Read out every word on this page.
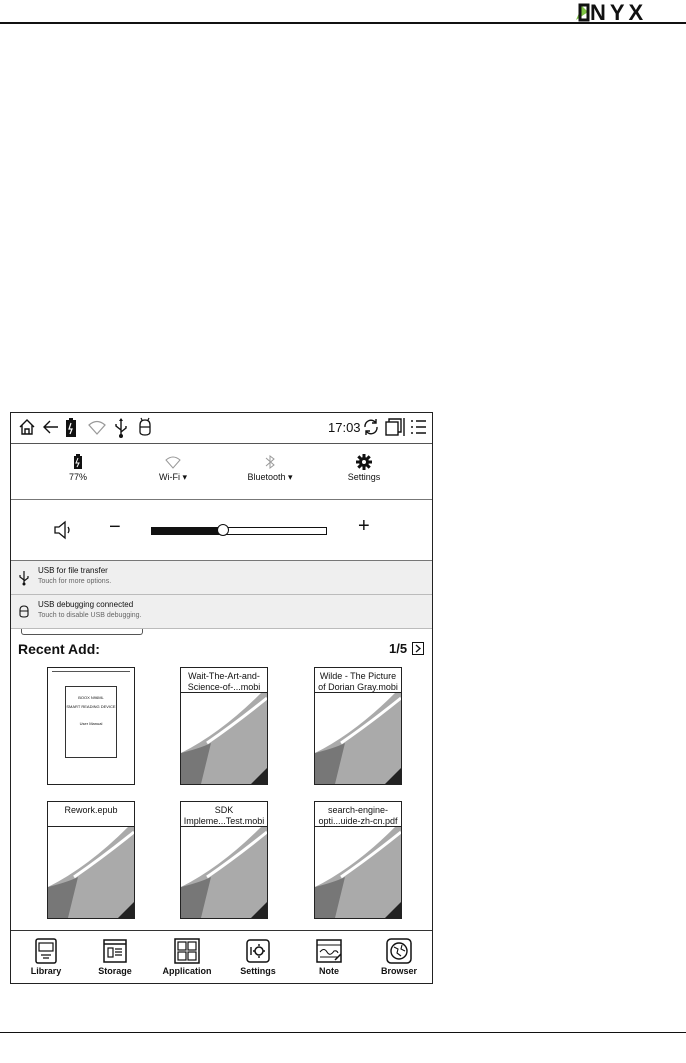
NYX
17:03
77%	Wi-Fi ▾	Bluetooth ▾	Settings
−	+
USB for file transfer
Touch for more options.
USB debugging connected
Touch to disable USB debugging.
Recent Add:	1/5
Library	Storage	Application	Settings	Note	Browser
BOOX N96ML
SMART READING DEVICE
User Manual
Wait-The-Art-and-Science-of-...mobi
Wilde - The Picture of Dorian Gray.mobi
Rework.epub	SDK Impleme...Test.mobi
search-engine-opti...uide-zh-cn.pdf
